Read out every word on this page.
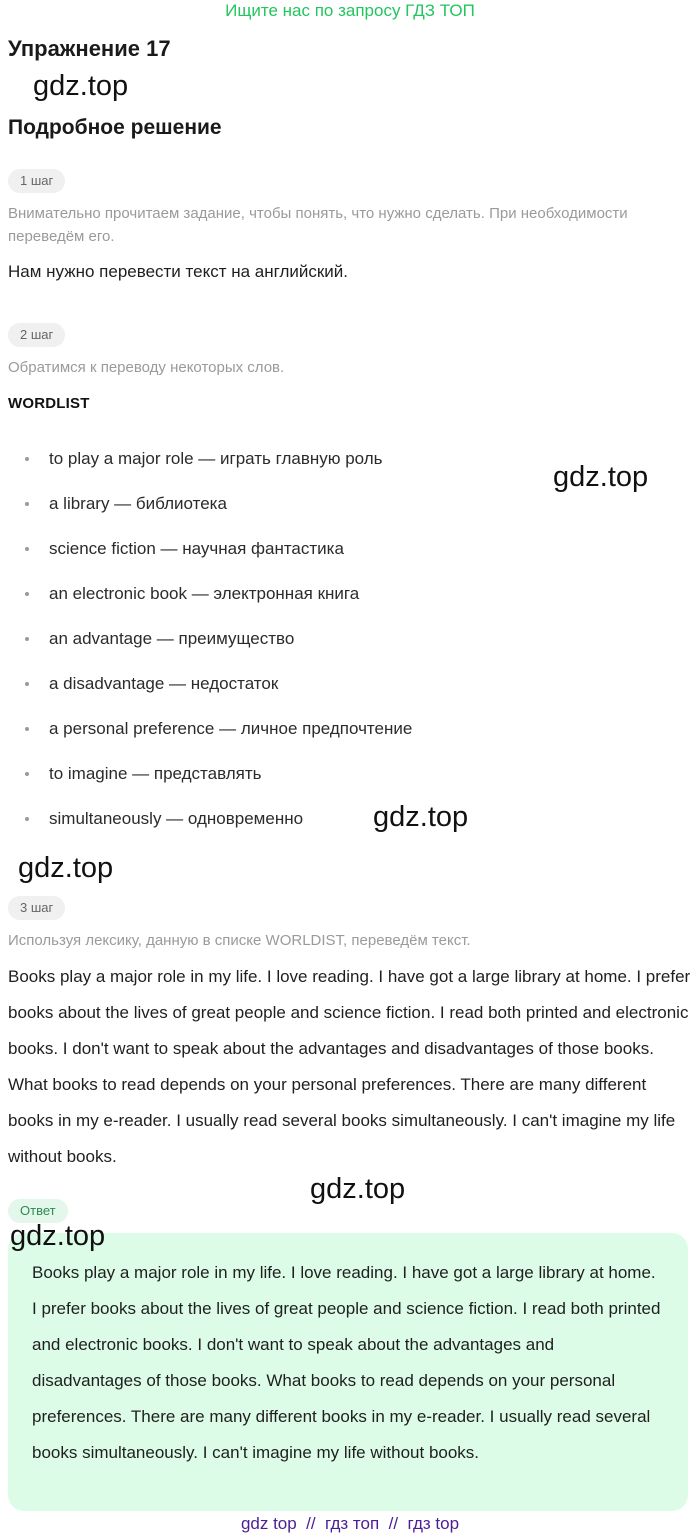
Ищите нас по запросу ГДЗ ТОП
Упражнение 17
gdz.top
Подробное решение
1 шаг
Внимательно прочитаем задание, чтобы понять, что нужно сделать. При необходимости переведём его.
Нам нужно перевести текст на английский.
2 шаг
Обратимся к переводу некоторых слов.
WORDLIST
to play a major role — играть главную роль
a library — библиотека
science fiction — научная фантастика
an electronic book — электронная книга
an advantage — преимущество
a disadvantage — недостаток
a personal preference — личное предпочтение
to imagine — представлять
simultaneously — одновременно
gdz.top
gdz.top
gdz.top
3 шаг
Используя лексику, данную в списке WORLDIST, переведём текст.
Books play a major role in my life. I love reading. I have got a large library at home. I prefer books about the lives of great people and science fiction. I read both printed and electronic books. I don't want to speak about the advantages and disadvantages of those books. What books to read depends on your personal preferences. There are many different books in my e-reader. I usually read several books simultaneously. I can't imagine my life without books.
gdz.top
Ответ
Books play a major role in my life. I love reading. I have got a large library at home. I prefer books about the lives of great people and science fiction. I read both printed and electronic books. I don't want to speak about the advantages and disadvantages of those books. What books to read depends on your personal preferences. There are many different books in my e-reader. I usually read several books simultaneously. I can't imagine my life without books.
gdz.top
gdz top  //  гдз топ  //  гдз top
